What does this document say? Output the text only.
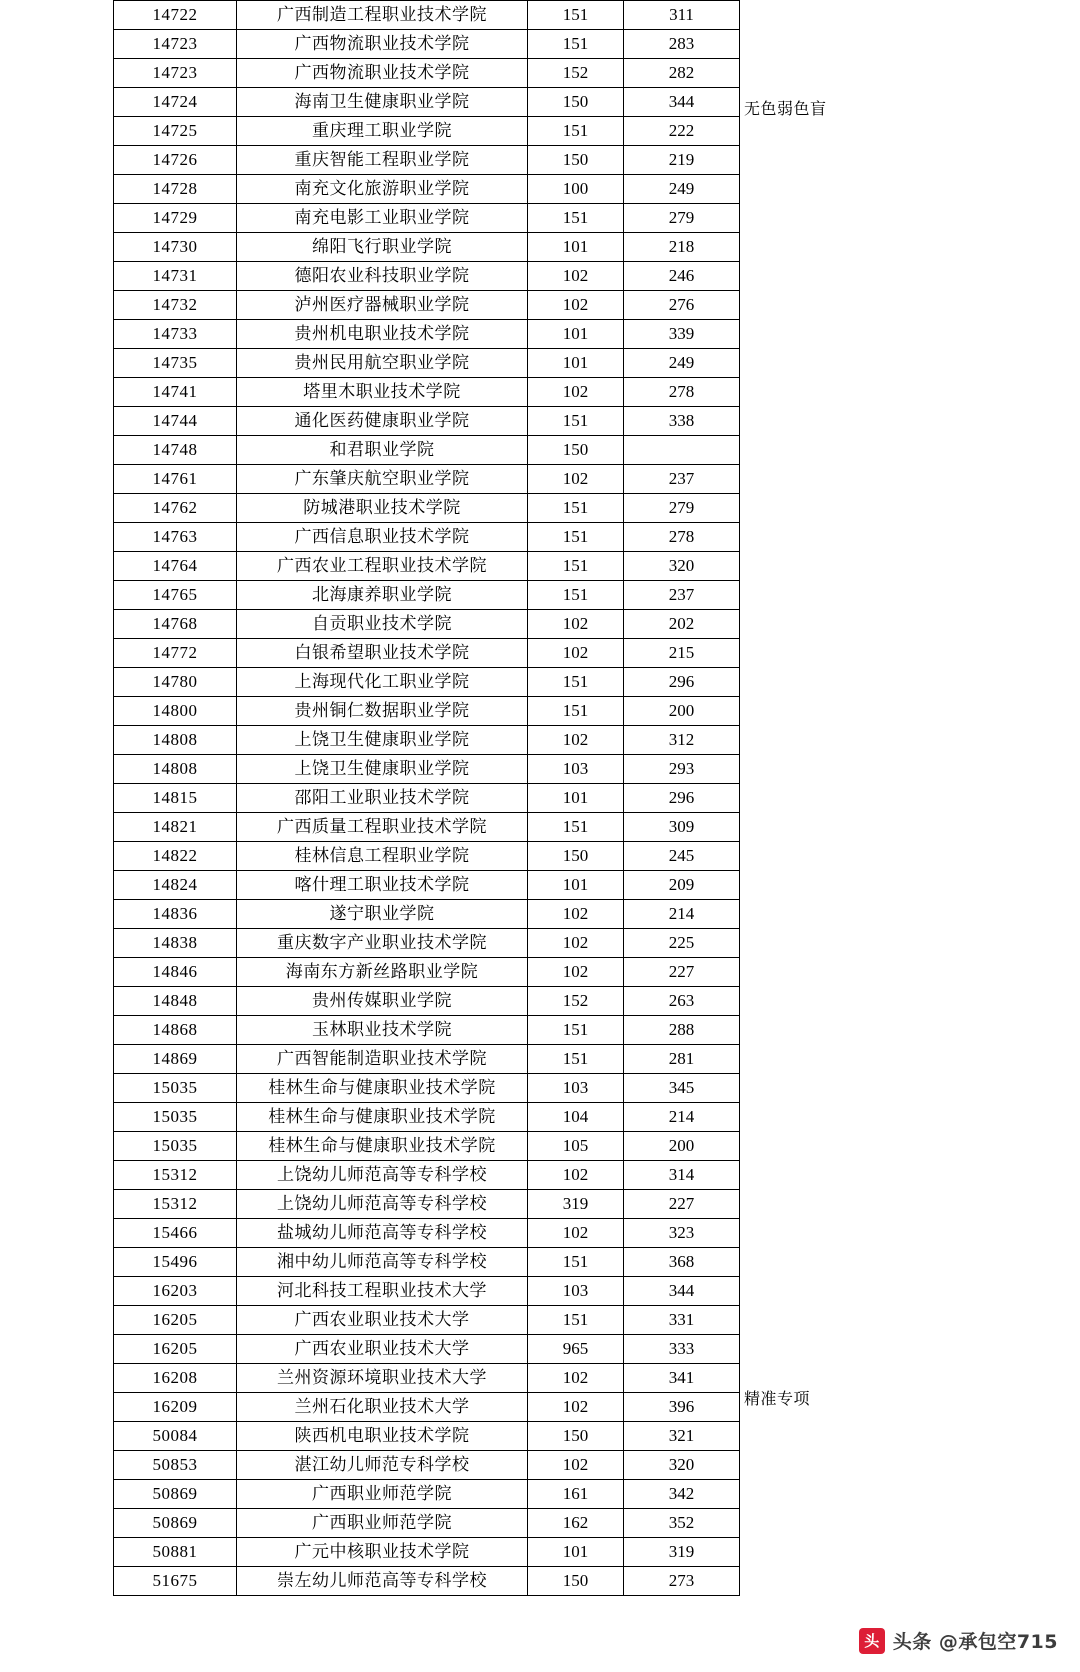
14722	广西制造工程职业技术学院	151	311
14723	广西物流职业技术学院	151	283
14723	广西物流职业技术学院	152	282
14724	海南卫生健康职业学院	150	344
14725	重庆理工职业学院	151	222
14726	重庆智能工程职业学院	150	219
14728	南充文化旅游职业学院	100	249
14729	南充电影工业职业学院	151	279
14730	绵阳飞行职业学院	101	218
14731	德阳农业科技职业学院	102	246
14732	泸州医疗器械职业学院	102	276
14733	贵州机电职业技术学院	101	339
14735	贵州民用航空职业学院	101	249
14741	塔里木职业技术学院	102	278
14744	通化医药健康职业学院	151	338
14748	和君职业学院	150	
14761	广东肇庆航空职业学院	102	237
14762	防城港职业技术学院	151	279
14763	广西信息职业技术学院	151	278
14764	广西农业工程职业技术学院	151	320
14765	北海康养职业学院	151	237
14768	自贡职业技术学院	102	202
14772	白银希望职业技术学院	102	215
14780	上海现代化工职业学院	151	296
14800	贵州铜仁数据职业学院	151	200
14808	上饶卫生健康职业学院	102	312
14808	上饶卫生健康职业学院	103	293
14815	邵阳工业职业技术学院	101	296
14821	广西质量工程职业技术学院	151	309
14822	桂林信息工程职业学院	150	245
14824	喀什理工职业技术学院	101	209
14836	遂宁职业学院	102	214
14838	重庆数字产业职业技术学院	102	225
14846	海南东方新丝路职业学院	102	227
14848	贵州传媒职业学院	152	263
14868	玉林职业技术学院	151	288
14869	广西智能制造职业技术学院	151	281
15035	桂林生命与健康职业技术学院	103	345
15035	桂林生命与健康职业技术学院	104	214
15035	桂林生命与健康职业技术学院	105	200
15312	上饶幼儿师范高等专科学校	102	314
15312	上饶幼儿师范高等专科学校	319	227
15466	盐城幼儿师范高等专科学校	102	323
15496	湘中幼儿师范高等专科学校	151	368
16203	河北科技工程职业技术大学	103	344
16205	广西农业职业技术大学	151	331
16205	广西农业职业技术大学	965	333
16208	兰州资源环境职业技术大学	102	341
16209	兰州石化职业技术大学	102	396
50084	陕西机电职业技术学院	150	321
50853	湛江幼儿师范专科学校	102	320
50869	广西职业师范学院	161	342
50869	广西职业师范学院	162	352
50881	广元中核职业技术学院	101	319
51675	崇左幼儿师范高等专科学校	150	273
头 头条 @承包空715
无色弱色盲
精准专项
